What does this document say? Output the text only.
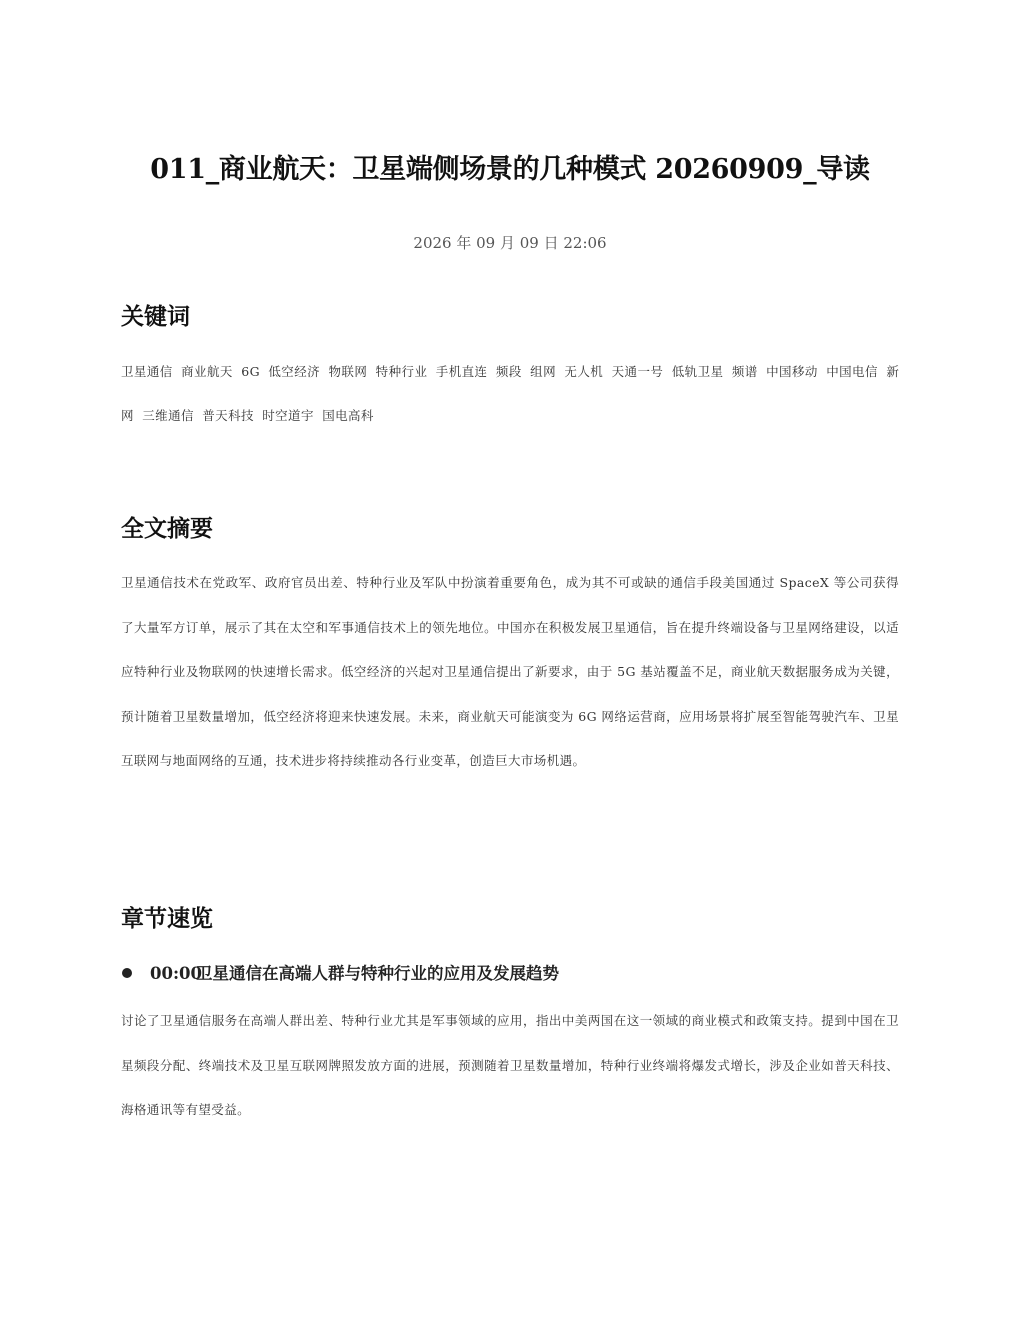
011_商业航天：卫星端侧场景的几种模式 20260909_导读
2026 年 09 月 09 日 22:06
关键词
卫星通信 商业航天 6G 低空经济 物联网 特种行业 手机直连 频段 组网 无人机 天通一号 低轨卫星 频谱 中国移动 中国电信 新网 三维通信 普天科技 时空道宇 国电高科
全文摘要
卫星通信技术在党政军、政府官员出差、特种行业及军队中扮演着重要角色，成为其不可或缺的通信手段美国通过 SpaceX 等公司获得了大量军方订单，展示了其在太空和军事通信技术上的领先地位。中国亦在积极发展卫星通信，旨在提升终端设备与卫星网络建设，以适应特种行业及物联网的快速增长需求。低空经济的兴起对卫星通信提出了新要求，由于 5G 基站覆盖不足，商业航天数据服务成为关键，预计随着卫星数量增加，低空经济将迎来快速发展。未来，商业航天可能演变为 6G 网络运营商，应用场景将扩展至智能驾驶汽车、卫星互联网与地面网络的互通，技术进步将持续推动各行业变革，创造巨大市场机遇。
章节速览
00:00
卫星通信在高端人群与特种行业的应用及发展趋势
讨论了卫星通信服务在高端人群出差、特种行业尤其是军事领域的应用，指出中美两国在这一领域的商业模式和政策支持。提到中国在卫星频段分配、终端技术及卫星互联网牌照发放方面的进展，预测随着卫星数量增加，特种行业终端将爆发式增长，涉及企业如普天科技、海格通讯等有望受益。
